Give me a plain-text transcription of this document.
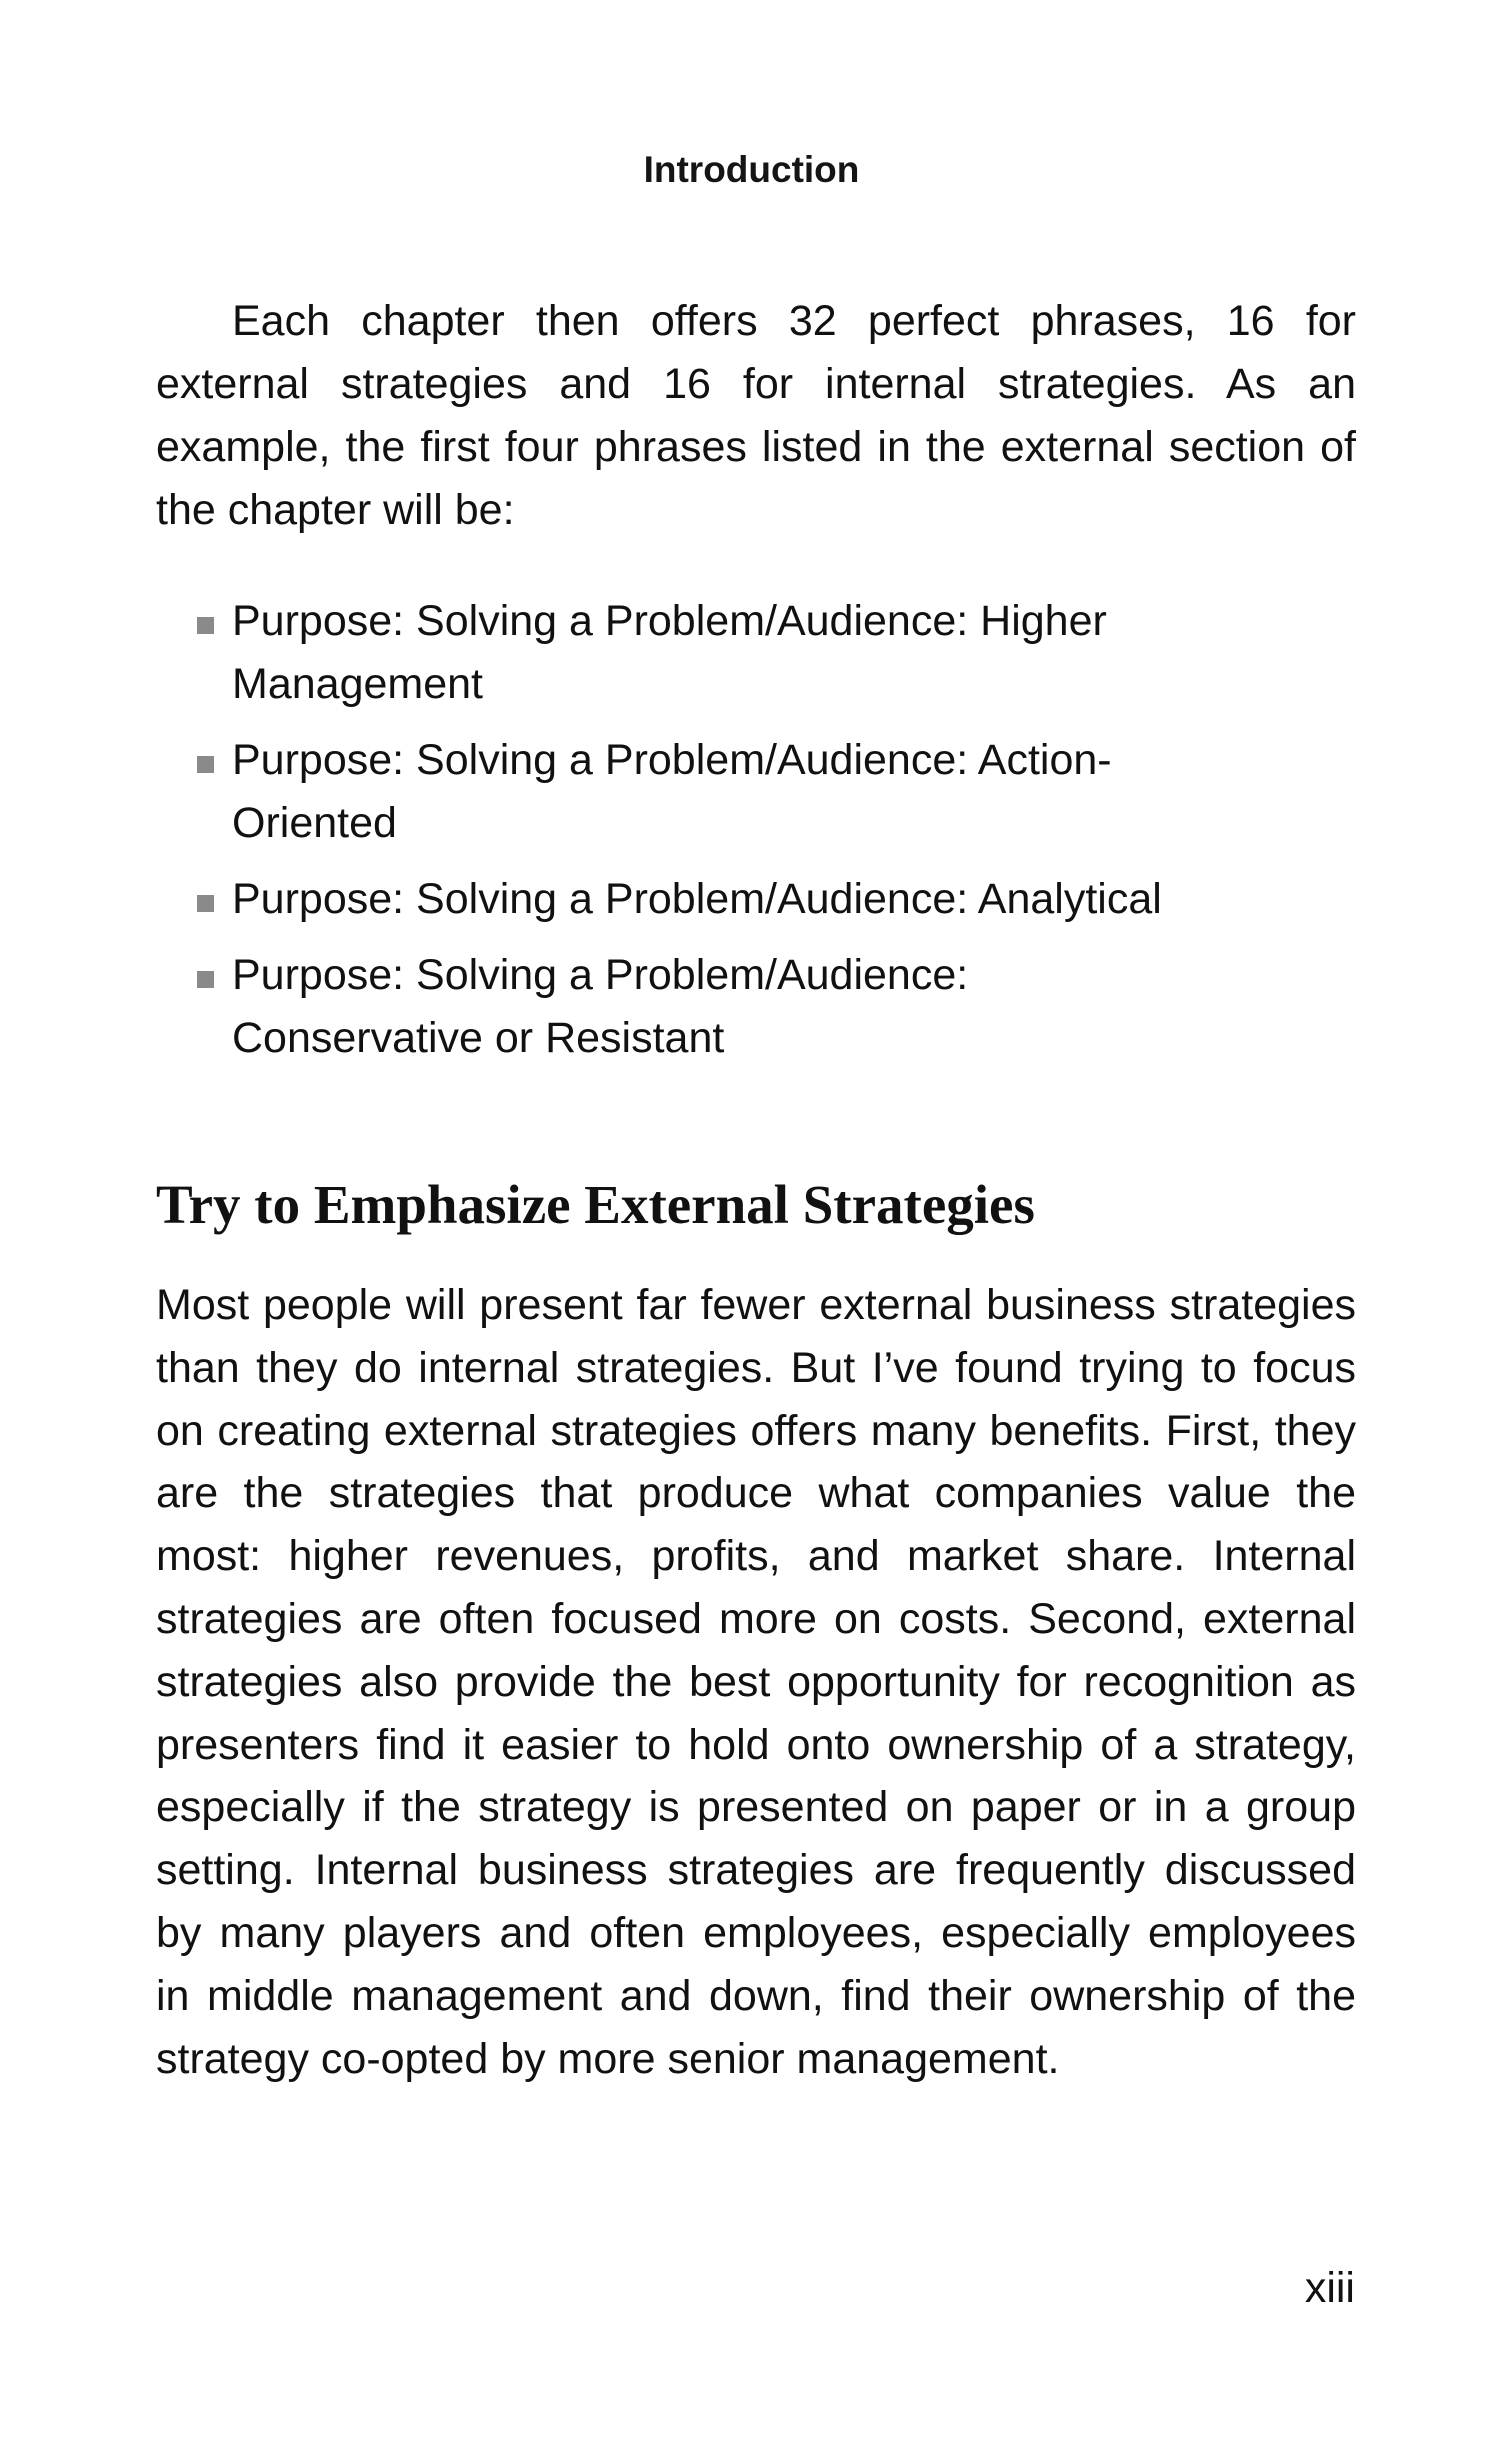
Introduction

Each chapter then offers 32 perfect phrases, 16 for external strategies and 16 for internal strategies. As an example, the first four phrases listed in the external section of the chapter will be:

Purpose: Solving a Problem/Audience: Higher Management
Purpose: Solving a Problem/Audience: Action-Oriented
Purpose: Solving a Problem/Audience: Analytical
Purpose: Solving a Problem/Audience: Conservative or Resistant
Try to Emphasize External Strategies

Most people will present far fewer external business strategies than they do internal strategies. But I’ve found trying to focus on creating external strategies offers many benefits. First, they are the strategies that produce what companies value the most: higher revenues, profits, and market share. Internal strategies are often focused more on costs. Second, external strategies also provide the best opportunity for recognition as presenters find it easier to hold onto ownership of a strategy, especially if the strategy is presented on paper or in a group setting. Internal business strategies are frequently discussed by many players and often employees, especially employees in middle management and down, find their ownership of the strategy co-opted by more senior management.

xiii
